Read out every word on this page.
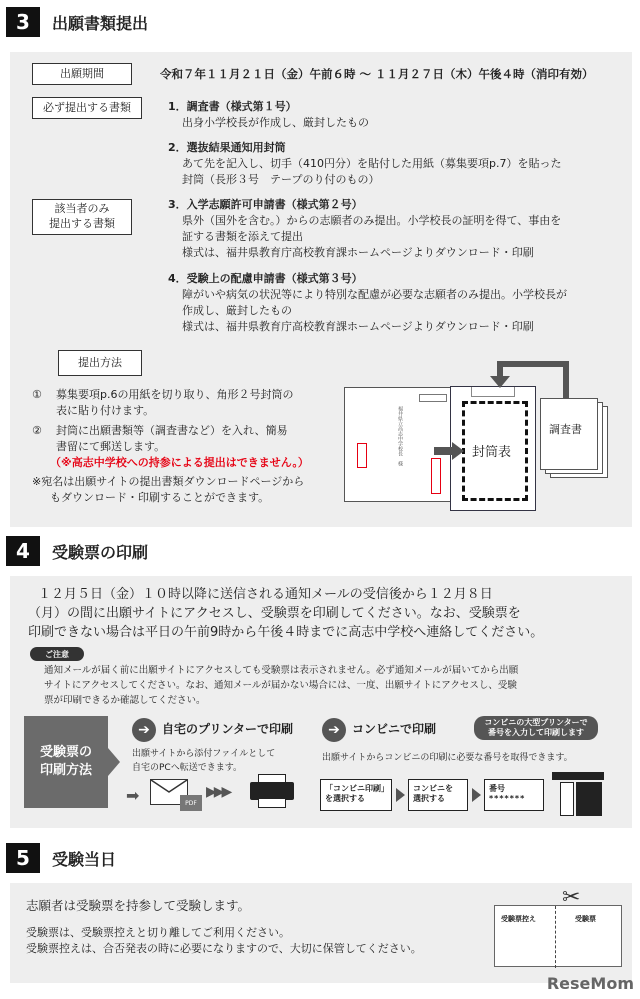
3	出願書類提出
出願期間	令和７年１１月２１日（金）午前６時 ～ １１月２７日（木）午後４時（消印有効）
必ず提出する書類	1．調査書（様式第１号）
出身小学校長が作成し、厳封したもの
2．選抜結果通知用封筒
あて先を記入し、切手（410円分）を貼付した用紙（募集要項p.7）を貼った
封筒（長形３号　テープのり付のもの）
該当者のみ
提出する書類
3．入学志願許可申請書（様式第２号）
県外（国外を含む。）からの志願者のみ提出。小学校長の証明を得て、事由を
証する書類を添えて提出
様式は、福井県教育庁高校教育課ホームページよりダウンロード・印刷
4．受験上の配慮申請書（様式第３号）
障がいや病気の状況等により特別な配慮が必要な志願者のみ提出。小学校長が
作成し、厳封したもの
様式は、福井県教育庁高校教育課ホームページよりダウンロード・印刷
提出方法
① 募集要項p.6の用紙を切り取り、角形２号封筒の
表に貼り付けます。
② 封筒に出願書類等（調査書など）を入れ、簡易
書留にて郵送します。
（※高志中学校への持参による提出はできません。）
※宛名は出願サイトの提出書類ダウンロードページから
もダウンロード・印刷することができます。
福井県立高志中学校長　様	封筒表
調査書
4	受験票の印刷
１２月５日（金）１０時以降に送信される通知メールの受信後から１２月８日
（月）の間に出願サイトにアクセスし、受験票を印刷してください。なお、受験票を
印刷できない場合は平日の午前9時から午後４時までに高志中学校へ連絡してください。
ご注意
通知メールが届く前に出願サイトにアクセスしても受験票は表示されません。必ず通知メールが届いてから出願
サイトにアクセスしてください。なお、通知メールが届かない場合には、一度、出願サイトにアクセスし、受験
票が印刷できるか確認してください。
受験票の
印刷方法
➔	自宅のプリンターで印刷
出願サイトから添付ファイルとして
自宅のPCへ転送できます。
➡	PDF
▶▶▶
➔	コンビニで印刷	コンビニの大型プリンターで
番号を入力して印刷します
出願サイトからコンビニの印刷に必要な番号を取得できます。
「コンビニ印刷」
を選択する
コンビニを
選択する
番号
*******
5	受験当日
志願者は受験票を持参して受験します。
受験票は、受験票控えと切り離してご利用ください。
受験票控えは、合否発表の時に必要になりますので、大切に保管してください。
受験票控え	受験票
✂
ReseMom
